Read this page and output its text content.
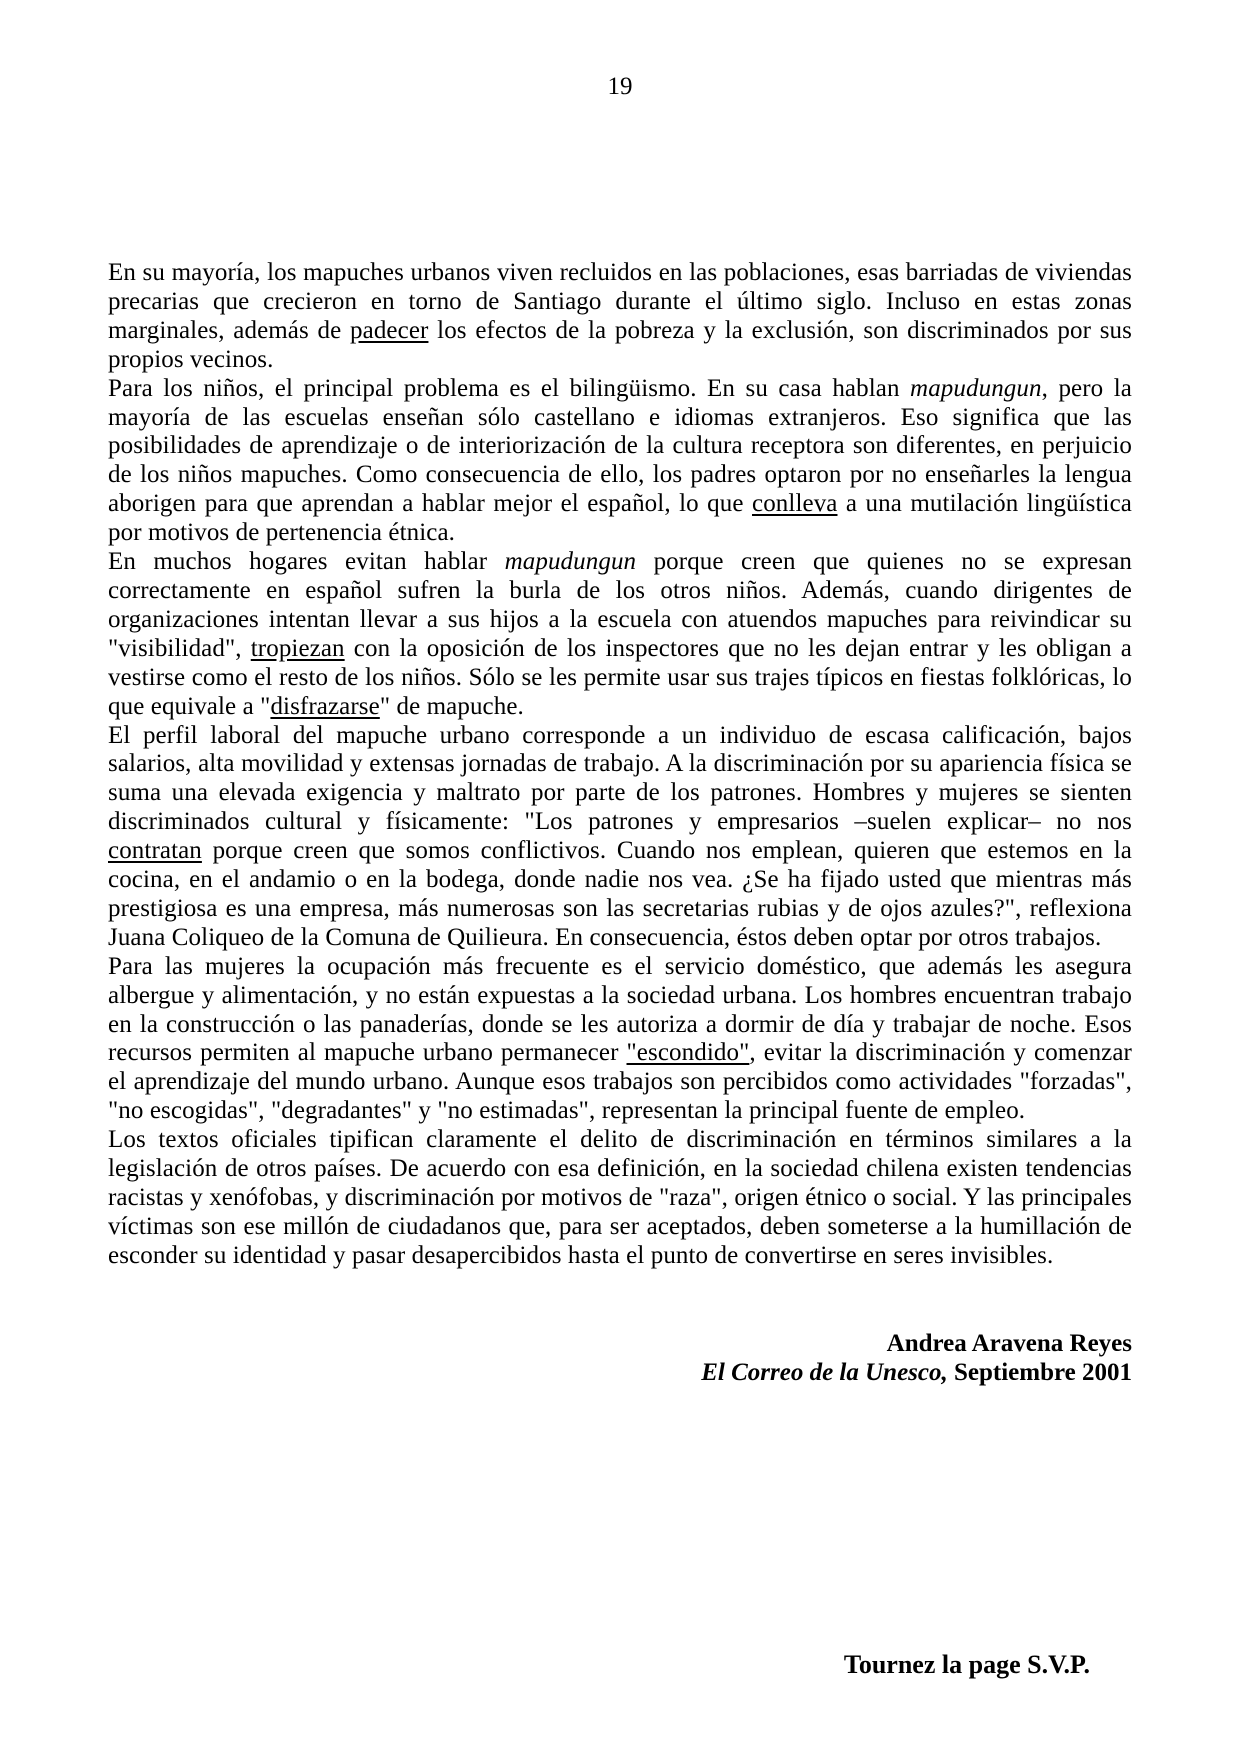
19

En su mayoría, los mapuches urbanos viven recluidos en las poblaciones, esas barriadas de viviendas precarias que crecieron en torno de Santiago durante el último siglo. Incluso en estas zonas marginales, además de padecer los efectos de la pobreza y la exclusión, son discriminados por sus propios vecinos.

Para los niños, el principal problema es el bilingüismo. En su casa hablan mapudungun, pero la mayoría de las escuelas enseñan sólo castellano e idiomas extranjeros. Eso significa que las posibilidades de aprendizaje o de interiorización de la cultura receptora son diferentes, en perjuicio de los niños mapuches. Como consecuencia de ello, los padres optaron por no enseñarles la lengua aborigen para que aprendan a hablar mejor el español, lo que conlleva a una mutilación lingüística por motivos de pertenencia étnica.

En muchos hogares evitan hablar mapudungun porque creen que quienes no se expresan correctamente en español sufren la burla de los otros niños. Además, cuando dirigentes de organizaciones intentan llevar a sus hijos a la escuela con atuendos mapuches para reivindicar su "visibilidad", tropiezan con la oposición de los inspectores que no les dejan entrar y les obligan a vestirse como el resto de los niños. Sólo se les permite usar sus trajes típicos en fiestas folklóricas, lo que equivale a "disfrazarse" de mapuche.

El perfil laboral del mapuche urbano corresponde a un individuo de escasa calificación, bajos salarios, alta movilidad y extensas jornadas de trabajo. A la discriminación por su apariencia física se suma una elevada exigencia y maltrato por parte de los patrones. Hombres y mujeres se sienten discriminados cultural y físicamente: "Los patrones y empresarios –suelen explicar– no nos contratan porque creen que somos conflictivos. Cuando nos emplean, quieren que estemos en la cocina, en el andamio o en la bodega, donde nadie nos vea. ¿Se ha fijado usted que mientras más prestigiosa es una empresa, más numerosas son las secretarias rubias y de ojos azules?", reflexiona Juana Coliqueo de la Comuna de Quilieura. En consecuencia, éstos deben optar por otros trabajos.

Para las mujeres la ocupación más frecuente es el servicio doméstico, que además les asegura albergue y alimentación, y no están expuestas a la sociedad urbana. Los hombres encuentran trabajo en la construcción o las panaderías, donde se les autoriza a dormir de día y trabajar de noche. Esos recursos permiten al mapuche urbano permanecer "escondido", evitar la discriminación y comenzar el aprendizaje del mundo urbano. Aunque esos trabajos son percibidos como actividades "forzadas", "no escogidas", "degradantes" y "no estimadas", representan la principal fuente de empleo.

Los textos oficiales tipifican claramente el delito de discriminación en términos similares a la legislación de otros países. De acuerdo con esa definición, en la sociedad chilena existen tendencias racistas y xenófobas, y discriminación por motivos de "raza", origen étnico o social. Y las principales víctimas son ese millón de ciudadanos que, para ser aceptados, deben someterse a la humillación de esconder su identidad y pasar desapercibidos hasta el punto de convertirse en seres invisibles.

Andrea Aravena Reyes
El Correo de la Unesco, Septiembre 2001
Tournez la page S.V.P.
